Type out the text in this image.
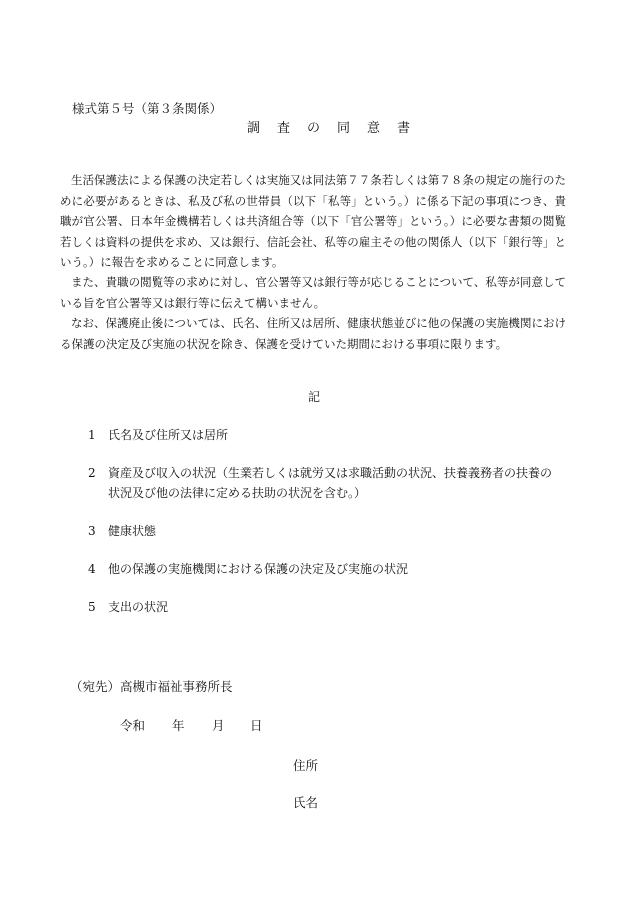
様式第５号（第３条関係）
調査の同意書
生活保護法による保護の決定若しくは実施又は同法第７７条若しくは第７８条の規定の施行のために必要があるときは、私及び私の世帯員（以下「私等」という。）に係る下記の事項につき、貴職が官公署、日本年金機構若しくは共済組合等（以下「官公署等」という。）に必要な書類の閲覧若しくは資料の提供を求め、又は銀行、信託会社、私等の雇主その他の関係人（以下「銀行等」という。）に報告を求めることに同意します。
また、貴職の閲覧等の求めに対し、官公署等又は銀行等が応じることについて、私等が同意している旨を官公署等又は銀行等に伝えて構いません。
なお、保護廃止後については、氏名、住所又は居所、健康状態並びに他の保護の実施機関における保護の決定及び実施の状況を除き、保護を受けていた期間における事項に限ります。
記
1	氏名及び住所又は居所
2	資産及び収入の状況（生業若しくは就労又は求職活動の状況、扶養義務者の扶養の状況及び他の法律に定める扶助の状況を含む。）
3	健康状態
4	他の保護の実施機関における保護の決定及び実施の状況
5	支出の状況
（宛先）高槻市福祉事務所長
令和 年 月 日
住所
氏名
